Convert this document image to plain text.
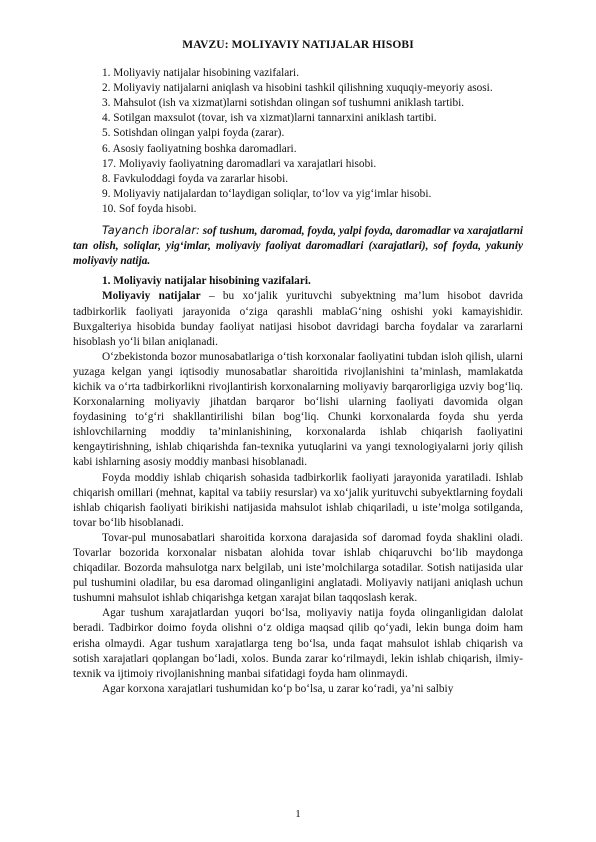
MAVZU: MOLIYAVIY NATIJALAR HISOBI
1. Moliyaviy natijalar hisobining vazifalari.
2. Moliyaviy natijalarni aniqlash va hisobini tashkil qilishning xuquqiy-meyoriy asosi.
3. Mahsulot (ish va xizmat)larni sotishdan olingan sof tushumni aniklash tartibi.
4. Sotilgan maxsulot (tovar, ish va xizmat)larni tannarxini aniklash tartibi.
5. Sotishdan olingan yalpi foyda (zarar).
6. Asosiy faoliyatning boshka daromadlari.
17. Moliyaviy faoliyatning daromadlari va xarajatlari hisobi.
8. Favkuloddagi foyda va zararlar hisobi.
9. Moliyaviy natijalardan to‘laydigan soliqlar, to‘lov va yig‘imlar hisobi.
10. Sof foyda hisobi.
Tayanch iboralar: sof tushum, daromad, foyda, yalpi foyda, daromadlar va xarajatlarni tan olish, soliqlar, yig‘imlar, moliyaviy faoliyat daromadlari (xarajatlari), sof foyda, yakuniy moliyaviy natija.
1. Moliyaviy natijalar hisobining vazifalari.
Moliyaviy natijalar – bu xo‘jalik yurituvchi subyektning ma’lum hisobot davrida tadbirkorlik faoliyati jarayonida o‘ziga qarashli mablaG‘ning oshishi yoki kamayishidir. Buxgalteriya hisobida bunday faoliyat natijasi hisobot davridagi barcha foydalar va zararlarni hisoblash yo‘li bilan aniqlanadi.
O‘zbekistonda bozor munosabatlariga o‘tish korxonalar faoliyatini tubdan isloh qilish, ularni yuzaga kelgan yangi iqtisodiy munosabatlar sharoitida rivojlanishini ta’minlash, mamlakatda kichik va o‘rta tadbirkorlikni rivojlantirish korxonalarning moliyaviy barqarorligiga uzviy bog‘liq. Korxonalarning moliyaviy jihatdan barqaror bo‘lishi ularning faoliyati davomida olgan foydasining to‘g‘ri shakllantirilishi bilan bog‘liq. Chunki korxonalarda foyda shu yerda ishlovchilarning moddiy ta’minlanishining, korxonalarda ishlab chiqarish faoliyatini kengaytirishning, ishlab chiqarishda fan-texnika yutuqlarini va yangi texnologiyalarni joriy qilish kabi ishlarning asosiy moddiy manbasi hisoblanadi.
Foyda moddiy ishlab chiqarish sohasida tadbirkorlik faoliyati jarayonida yaratiladi. Ishlab chiqarish omillari (mehnat, kapital va tabiiy resurslar) va xo‘jalik yurituvchi subyektlarning foydali ishlab chiqarish faoliyati birikishi natijasida mahsulot ishlab chiqariladi, u iste’molga sotilganda, tovar bo‘lib hisoblanadi.
Tovar-pul munosabatlari sharoitida korxona darajasida sof daromad foyda shaklini oladi. Tovarlar bozorida korxonalar nisbatan alohida tovar ishlab chiqaruvchi bo‘lib maydonga chiqadilar. Bozorda mahsulotga narx belgilab, uni iste’molchilarga sotadilar. Sotish natijasida ular pul tushumini oladilar, bu esa daromad olinganligini anglatadi. Moliyaviy natijani aniqlash uchun tushumni mahsulot ishlab chiqarishga ketgan xarajat bilan taqqoslash kerak.
Agar tushum xarajatlardan yuqori bo‘lsa, moliyaviy natija foyda olinganligidan dalolat beradi. Tadbirkor doimo foyda olishni o‘z oldiga maqsad qilib qo‘yadi, lekin bunga doim ham erisha olmaydi. Agar tushum xarajatlarga teng bo‘lsa, unda faqat mahsulot ishlab chiqarish va sotish xarajatlari qoplangan bo‘ladi, xolos. Bunda zarar ko‘rilmaydi, lekin ishlab chiqarish, ilmiy-texnik va ijtimoiy rivojlanishning manbai sifatidagi foyda ham olinmaydi.
Agar korxona xarajatlari tushumidan ko‘p bo‘lsa, u zarar ko‘radi, ya’ni salbiy
1
